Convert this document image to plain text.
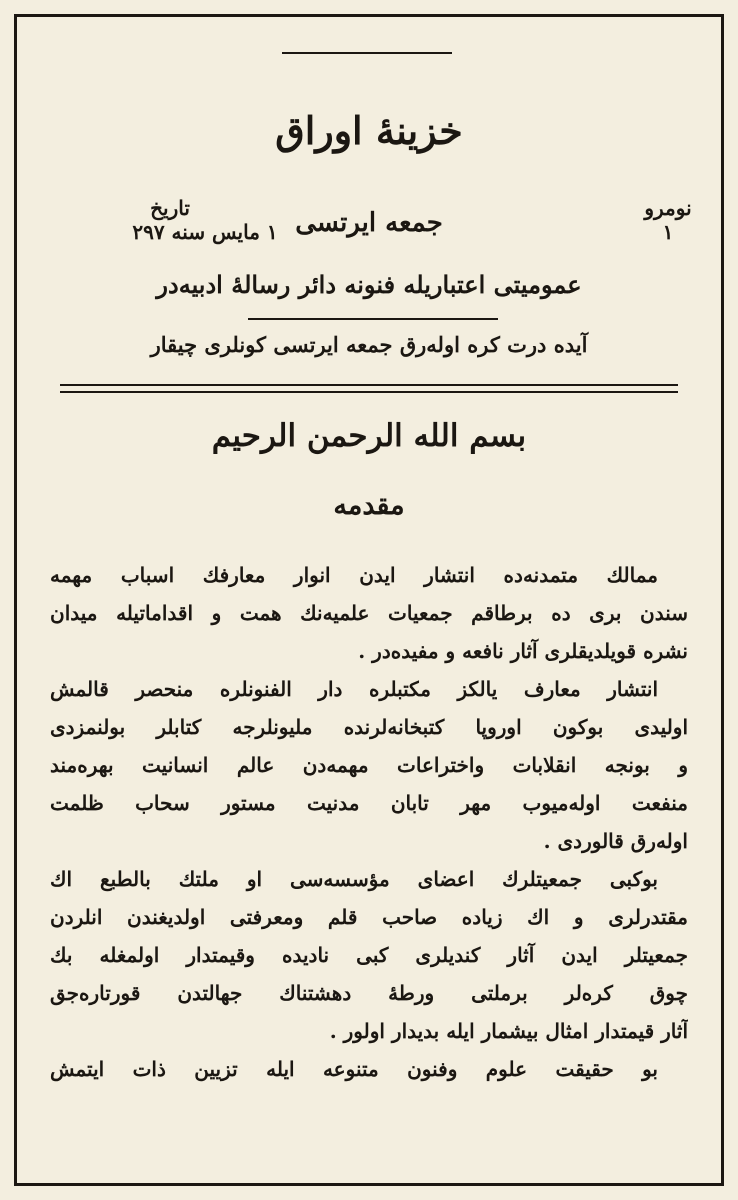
خزينهٔ اوراق
نومرو
١
جمعه ايرتسى
تاريخ
١ مايس سنه ٢٩٧
عموميتى اعتباريله فنونه دائر رسالهٔ ادبيه‌در
آيده درت كره اوله‌رق جمعه ايرتسى كونلرى چيقار
بسم الله الرحمن الرحيم
مقدمه
ممالك متمدنه‌ده انتشار ايدن انوار معارفك اسباب مهمه‌
سندن برى ده برطاقم جمعيات علميه‌نك همت و اقداماتيله ميدان
نشره قويلديقلرى آثار نافعه و مفيده‌در .
انتشار معارف يالكز مكتبلره دار الفنونلره منحصر قالمش
اوليدى بوكون اوروپا كتبخانه‌لرنده مليونلرجه كتابلر بولنمزدى
و بونجه انقلابات واختراعات مهمه‌دن عالم انسانيت بهره‌مند
منفعت اوله‌ميوب مهر تابان مدنيت مستور سحاب ظلمت
اوله‌رق قالوردى .
بوكبى جمعيتلرك اعضاى مؤسسه‌سى او ملتك بالطبع اك
مقتدرلرى و اك زياده صاحب قلم ومعرفتى اولديغندن انلردن
جمعيتلر ايدن آثار كنديلرى كبى ناديده وقيمتدار اولمغله بك
چوق كره‌لر برملتى ورطهٔ دهشتناك جهالتدن قورتاره‌جق
آثار قيمتدار امثال بيشمار ايله بديدار اولور .
بو حقيقت علوم وفنون متنوعه ايله تزيين ذات ايتمش
